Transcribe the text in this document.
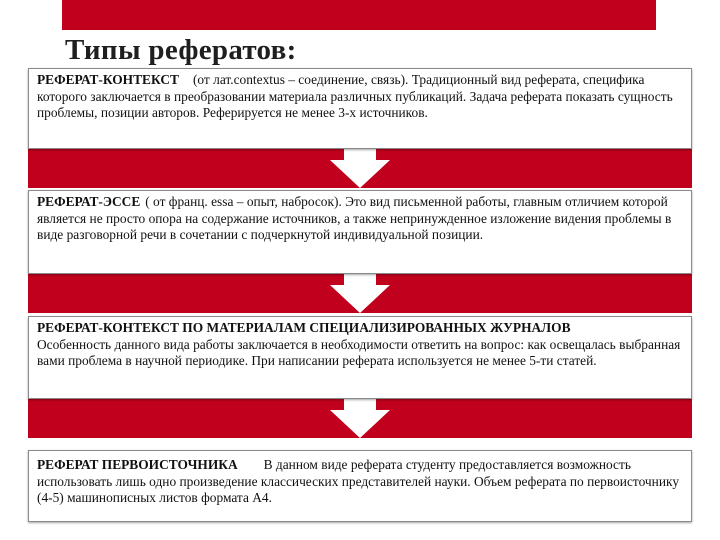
Типы рефератов:
РЕФЕРАТ-КОНТЕКСТ (от лат.contextus – соединение, связь). Традиционный вид реферата, специфика которого заключается в преобразовании материала различных публикаций. Задача реферата показать сущность проблемы, позиции авторов. Реферируется не менее 3-х источников.
РЕФЕРАТ-ЭССЕ ( от франц. essa – опыт, набросок). Это вид письменной работы, главным отличием которой является не просто опора на содержание источников, а также непринужденное изложение видения проблемы в виде разговорной речи в сочетании с подчеркнутой индивидуальной позиции.
РЕФЕРАТ-КОНТЕКСТ ПО МАТЕРИАЛАМ СПЕЦИАЛИЗИРОВАННЫХ ЖУРНАЛОВ
Особенность данного вида работы заключается в необходимости ответить на вопрос: как освещалась выбранная вами проблема в научной периодике. При написании реферата используется не менее 5-ти статей.
РЕФЕРАТ ПЕРВОИСТОЧНИКА В данном виде реферата студенту предоставляется возможность использовать лишь одно произведение классических представителей науки. Объем реферата по первоисточнику (4-5) машинописных листов формата А4.
